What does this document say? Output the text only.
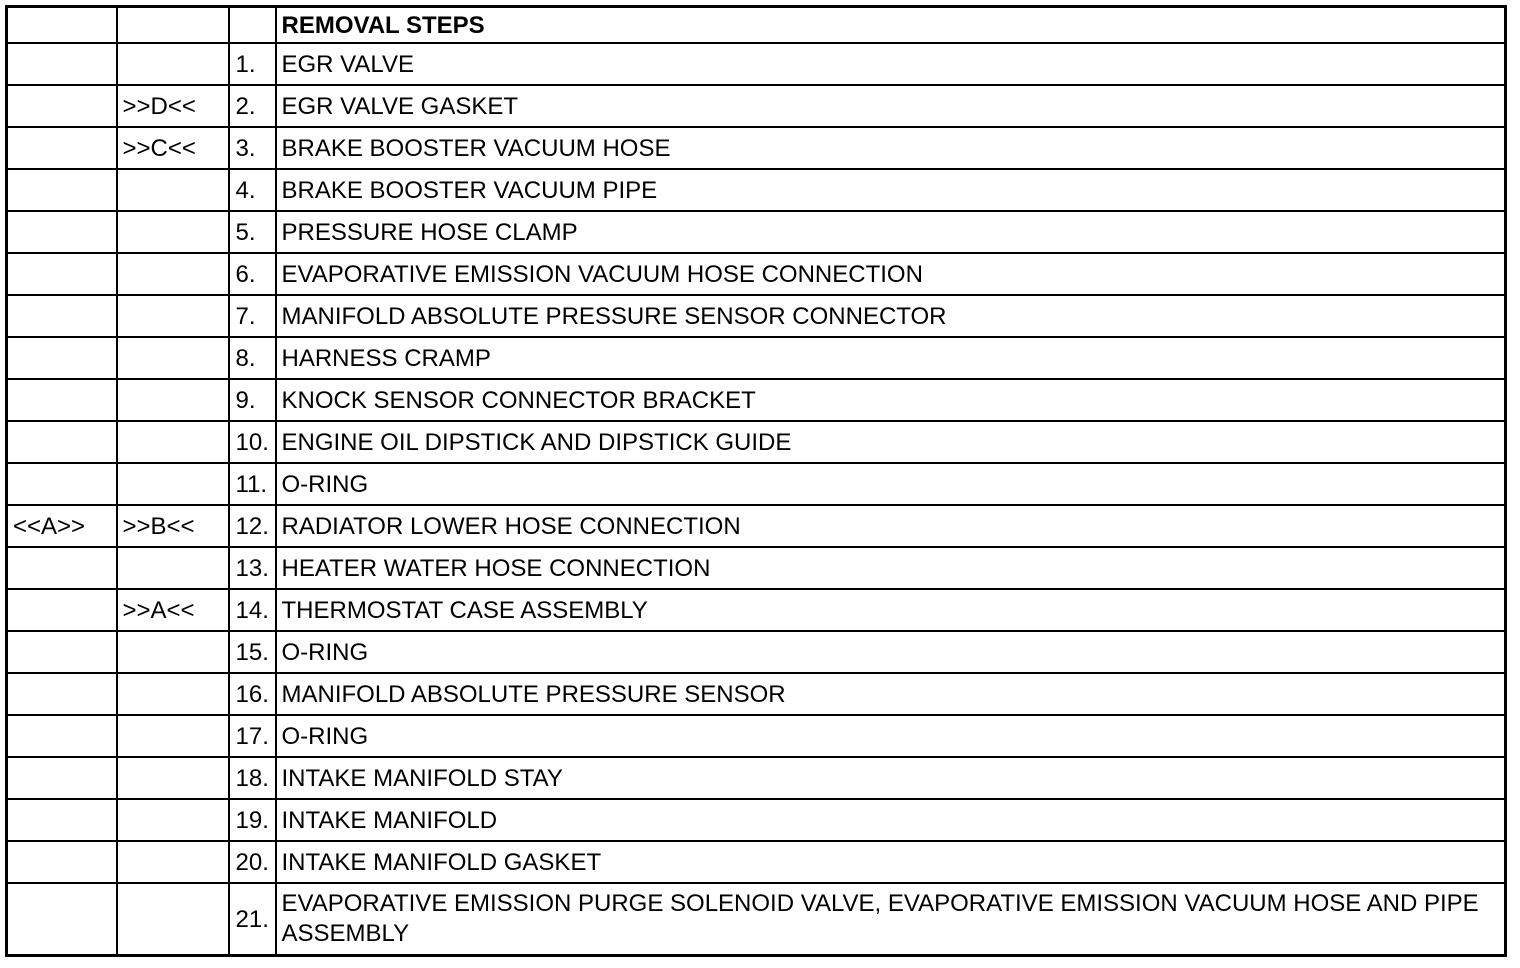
			REMOVAL STEPS
		1.	EGR VALVE
	>>D<<	2.	EGR VALVE GASKET
	>>C<<	3.	BRAKE BOOSTER VACUUM HOSE
		4.	BRAKE BOOSTER VACUUM PIPE
		5.	PRESSURE HOSE CLAMP
		6.	EVAPORATIVE EMISSION VACUUM HOSE CONNECTION
		7.	MANIFOLD ABSOLUTE PRESSURE SENSOR CONNECTOR
		8.	HARNESS CRAMP
		9.	KNOCK SENSOR CONNECTOR BRACKET
		10.	ENGINE OIL DIPSTICK AND DIPSTICK GUIDE
		11.	O-RING
<<A>>	>>B<<	12.	RADIATOR LOWER HOSE CONNECTION
		13.	HEATER WATER HOSE CONNECTION
	>>A<<	14.	THERMOSTAT CASE ASSEMBLY
		15.	O-RING
		16.	MANIFOLD ABSOLUTE PRESSURE SENSOR
		17.	O-RING
		18.	INTAKE MANIFOLD STAY
		19.	INTAKE MANIFOLD
		20.	INTAKE MANIFOLD GASKET
		21.	EVAPORATIVE EMISSION PURGE SOLENOID VALVE, EVAPORATIVE EMISSION VACUUM HOSE AND PIPE ASSEMBLY
